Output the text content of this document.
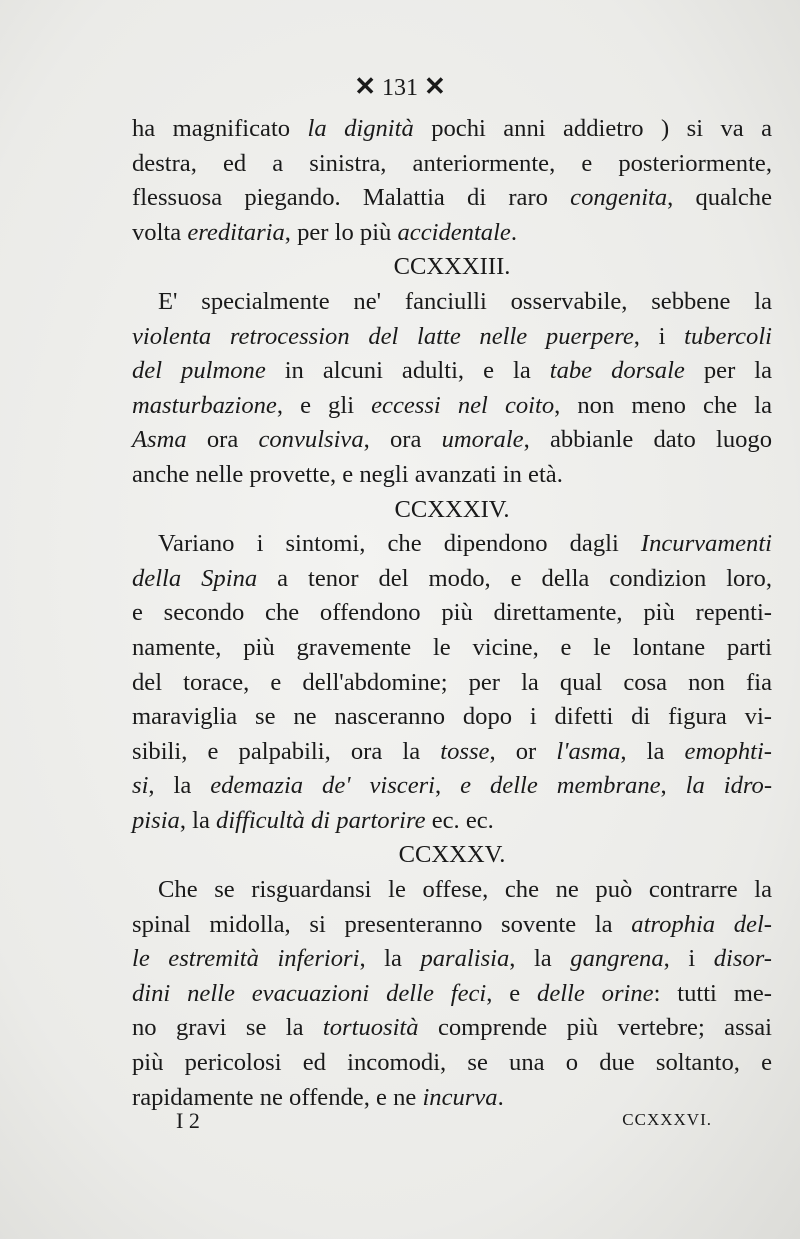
✕ 131 ✕
ha magnificato la dignità pochi anni addietro ) si va a
destra, ed a sinistra, anteriormente, e posteriormente,
flessuosa piegando. Malattia di raro congenita, qualche
volta ereditaria, per lo più accidentale.
CCXXXIII.
E' specialmente ne' fanciulli osservabile, sebbene la
violenta retrocession del latte nelle puerpere, i tubercoli
del pulmone in alcuni adulti, e la tabe dorsale per la
masturbazione, e gli eccessi nel coito, non meno che la
Asma ora convulsiva, ora umorale, abbianle dato luogo
anche nelle provette, e negli avanzati in età.
CCXXXIV.
Variano i sintomi, che dipendono dagli Incurvamenti
della Spina a tenor del modo, e della condizion loro,
e secondo che offendono più direttamente, più repenti-
namente, più gravemente le vicine, e le lontane parti
del torace, e dell'abdomine; per la qual cosa non fia
maraviglia se ne nasceranno dopo i difetti di figura vi-
sibili, e palpabili, ora la tosse, or l'asma, la emophti-
si, la edemazia de' visceri, e delle membrane, la idro-
pisia, la difficultà di partorire ec. ec.
CCXXXV.
Che se risguardansi le offese, che ne può contrarre la
spinal midolla, si presenteranno sovente la atrophia del-
le estremità inferiori, la paralisia, la gangrena, i disor-
dini nelle evacuazioni delle feci, e delle orine: tutti me-
no gravi se la tortuosità comprende più vertebre; assai
più pericolosi ed incomodi, se una o due soltanto, e
rapidamente ne offende, e ne incurva.
I 2	CCXXXVI.
